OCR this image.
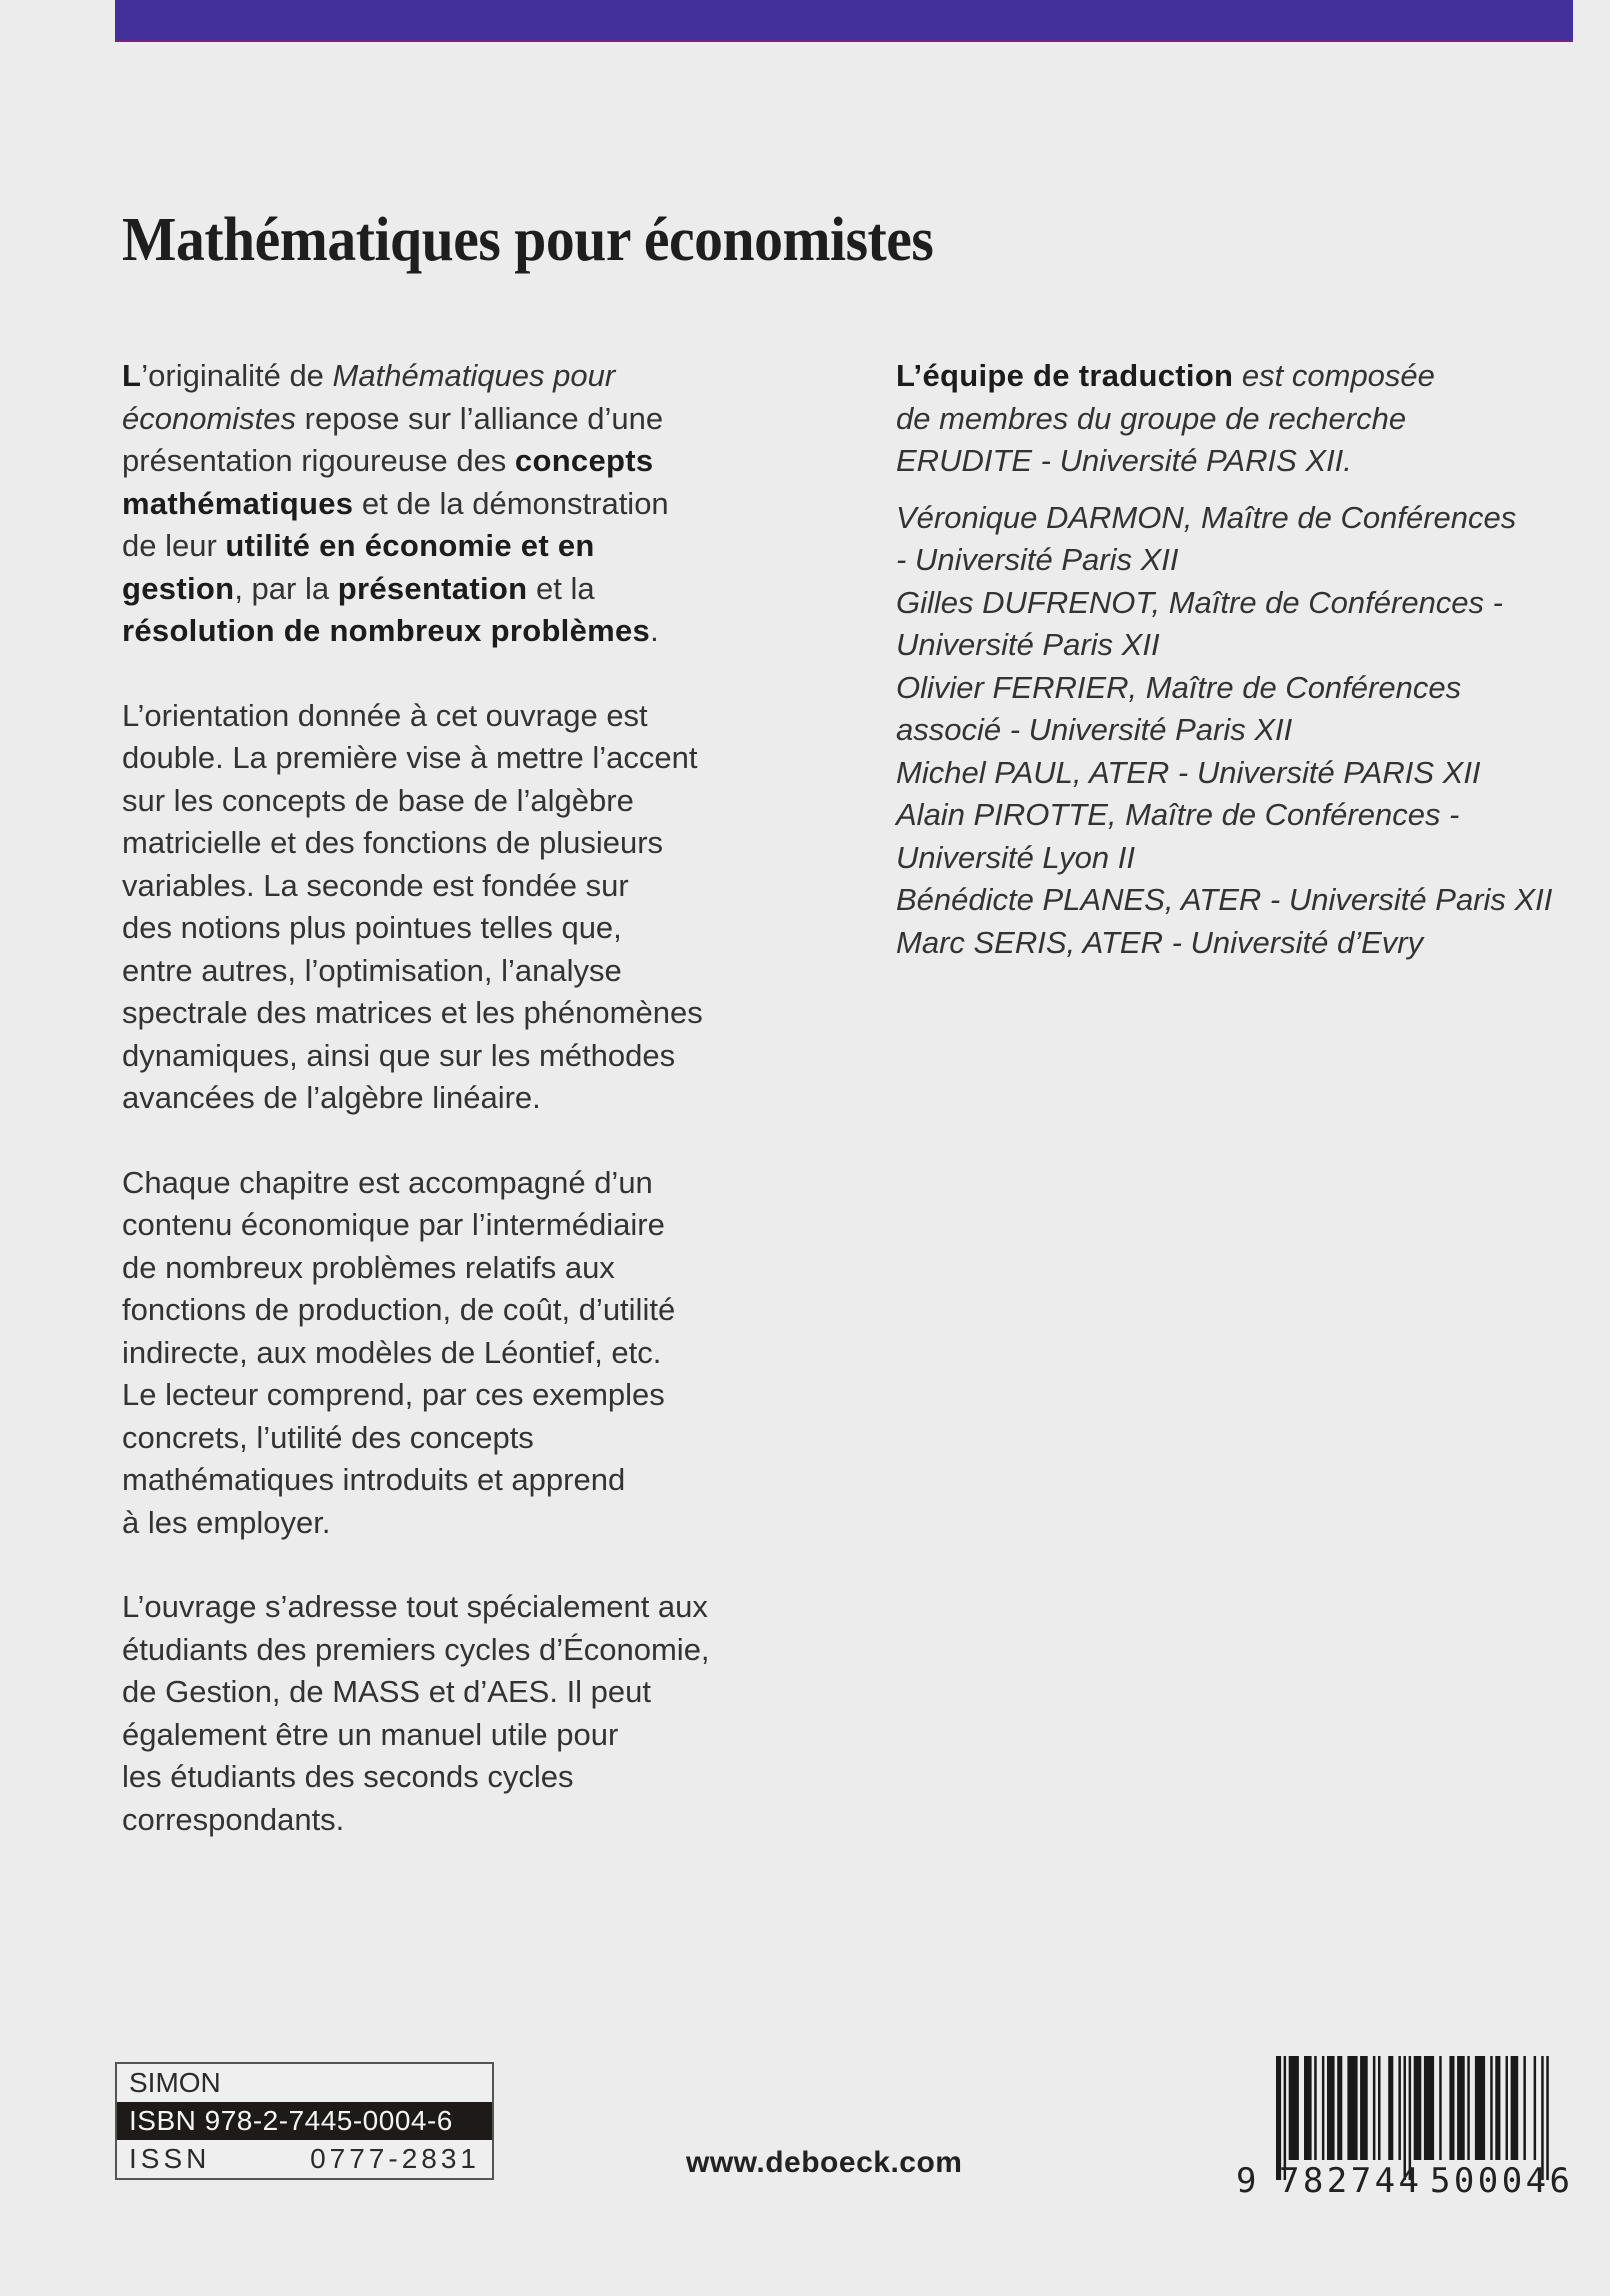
Mathématiques pour économistes

L’originalité de Mathématiques pour
économistes repose sur l’alliance d’une
présentation rigoureuse des concepts
mathématiques et de la démonstration
de leur utilité en économie et en
gestion, par la présentation et la
résolution de nombreux problèmes.

L’orientation donnée à cet ouvrage est
double. La première vise à mettre l’accent
sur les concepts de base de l’algèbre
matricielle et des fonctions de plusieurs
variables. La seconde est fondée sur
des notions plus pointues telles que,
entre autres, l’optimisation, l’analyse
spectrale des matrices et les phénomènes
dynamiques, ainsi que sur les méthodes
avancées de l’algèbre linéaire.

Chaque chapitre est accompagné d’un
contenu économique par l’intermédiaire
de nombreux problèmes relatifs aux
fonctions de production, de coût, d’utilité
indirecte, aux modèles de Léontief, etc.
Le lecteur comprend, par ces exemples
concrets, l’utilité des concepts
mathématiques introduits et apprend
à les employer.

L’ouvrage s’adresse tout spécialement aux
étudiants des premiers cycles d’Économie,
de Gestion, de MASS et d’AES. Il peut
également être un manuel utile pour
les étudiants des seconds cycles
correspondants.

L’équipe de traduction est composée
de membres du groupe de recherche
ERUDITE - Université PARIS XII.

Véronique DARMON, Maître de Conférences
- Université Paris XII
Gilles DUFRENOT, Maître de Conférences -
Université Paris XII
Olivier FERRIER, Maître de Conférences
associé - Université Paris XII
Michel PAUL, ATER - Université PARIS XII
Alain PIROTTE, Maître de Conférences -
Université Lyon II
Bénédicte PLANES, ATER - Université Paris XII
Marc SERIS, ATER - Université d’Evry

SIMON
ISBN 978-2-7445-0004-6
ISSN	0777-2831	www.deboeck.com	9 782744 500046
